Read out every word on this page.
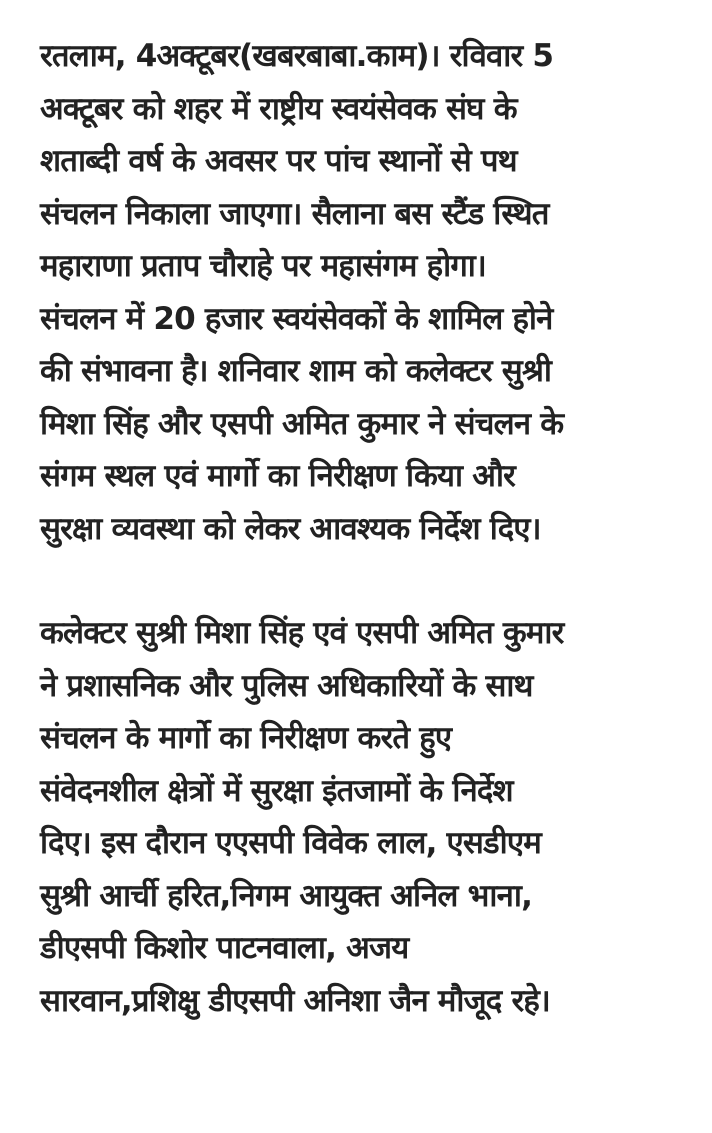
रतलाम, 4अक्टूबर(खबरबाबा.काम)। रविवार 5
अक्टूबर को शहर में राष्ट्रीय स्वयंसेवक संघ के
शताब्दी वर्ष के अवसर पर पांच स्थानों से पथ
संचलन निकाला जाएगा। सैलाना बस स्टैंड स्थित
महाराणा प्रताप चौराहे पर महासंगम होगा।
संचलन में 20 हजार स्वयंसेवकों के शामिल होने
की संभावना है। शनिवार शाम को कलेक्टर सुश्री
मिशा सिंह और एसपी अमित कुमार ने संचलन के
संगम स्थल एवं मार्गो का निरीक्षण किया और
सुरक्षा व्यवस्था को लेकर आवश्यक निर्देश दिए।

कलेक्टर सुश्री मिशा सिंह एवं एसपी अमित कुमार
ने प्रशासनिक और पुलिस अधिकारियों के साथ
संचलन के मार्गो का निरीक्षण करते हुए
संवेदनशील क्षेत्रों में सुरक्षा इंतजामों के निर्देश
दिए। इस दौरान एएसपी विवेक लाल, एसडीएम
सुश्री आर्ची हरित,निगम आयुक्त अनिल भाना,
डीएसपी किशोर पाटनवाला, अजय
सारवान,प्रशिक्षु डीएसपी अनिशा जैन मौजूद रहे।
